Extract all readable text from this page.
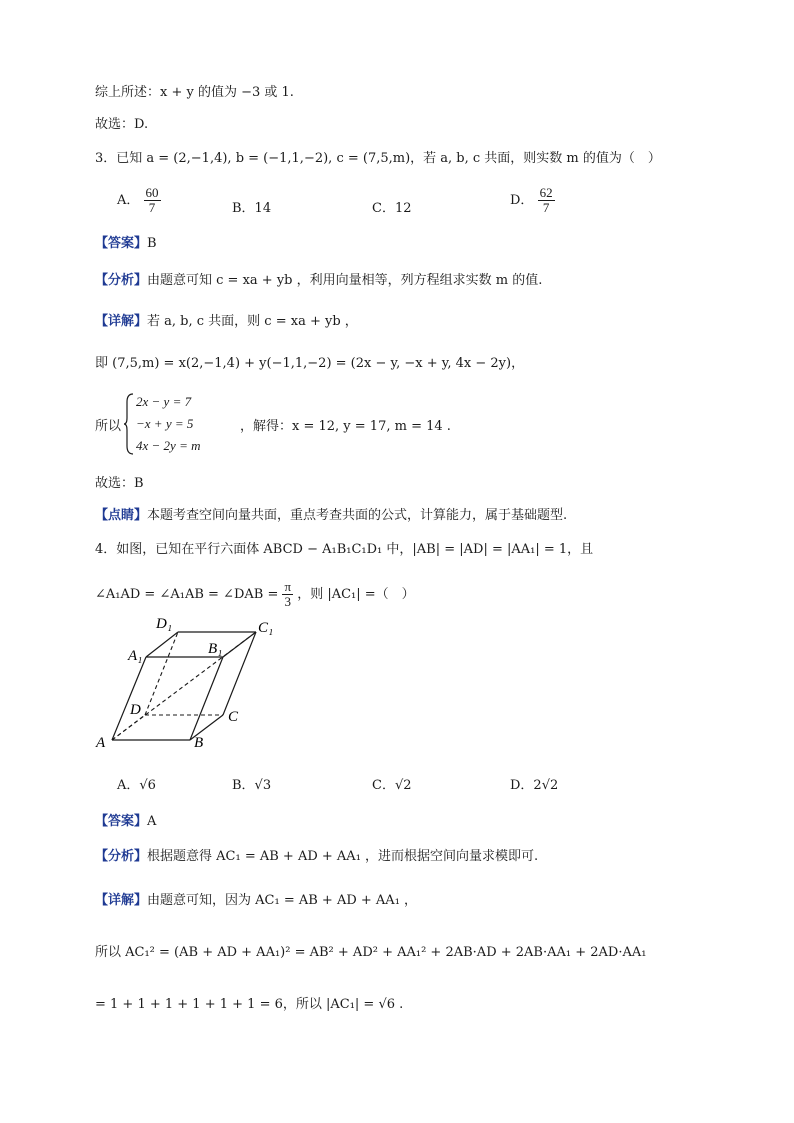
综上所述：x + y 的值为 −3 或 1.
故选：D.
3．已知 a = (2,−1,4), b = (−1,1,−2), c = (7,5,m)，若 a, b, c 共面，则实数 m 的值为（　）
A． $\frac{60}{7}$	B．14	C．12
D． $\frac{62}{7}$
【答案】B
【分析】由题意可知 c = xa + yb ，利用向量相等，列方程组求实数 m 的值.
【详解】若 a, b, c 共面，则 c = xa + yb ，
即 (7,5,m) = x(2,−1,4) + y(−1,1,−2) = (2x − y, −x + y, 4x − 2y)，
所以
2x − y = 7
−x + y = 5
4x − 2y = m
，解得：x = 12, y = 17, m = 14 .
故选：B
【点睛】本题考查空间向量共面，重点考查共面的公式，计算能力，属于基础题型.
4．如图，已知在平行六面体 ABCD − A₁B₁C₁D₁ 中，|AB| = |AD| = |AA₁| = 1，且
∠A₁AD = ∠A₁AB = ∠DAB = $\frac{\pi}{3}$ ，则 |AC₁| =（　）
A	B
C
D
A₁	B₁
C₁
D₁
A．√6	B．√3	C．√2	D．2√2
【答案】A
【分析】根据题意得 AC₁ = AB + AD + AA₁ ，进而根据空间向量求模即可.
【详解】由题意可知，因为 AC₁ = AB + AD + AA₁ ，
所以 AC₁² = (AB + AD + AA₁)² = AB² + AD² + AA₁² + 2AB·AD + 2AB·AA₁ + 2AD·AA₁
= 1 + 1 + 1 + 1 + 1 + 1 = 6，所以 |AC₁| = √6 .
